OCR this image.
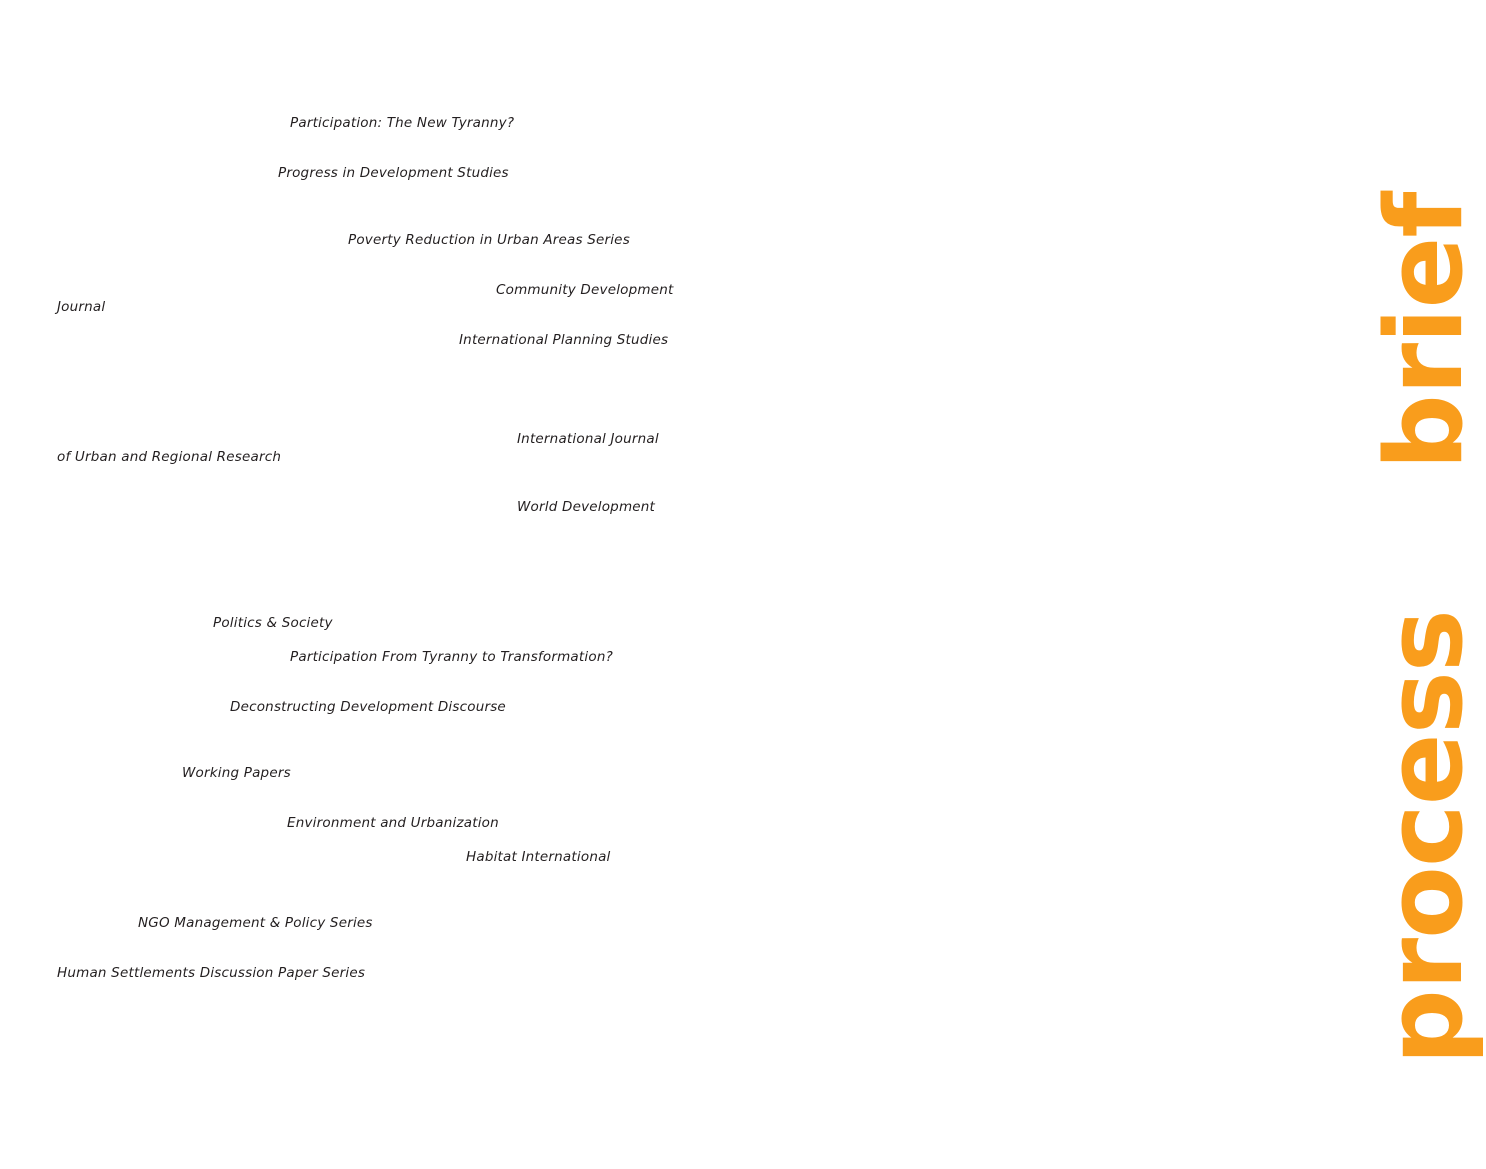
Participation: The New Tyranny?
Progress in Development Studies
Poverty Reduction in Urban Areas Series
Community Development
Journal
International Planning Studies
International Journal
of Urban and Regional Research
World Development
Politics & Society
Participation From Tyranny to Transformation?
Deconstructing Development Discourse
Working Papers
Environment and Urbanization
Habitat International
NGO Management & Policy Series
Human Settlements Discussion Paper Series
brief
process
